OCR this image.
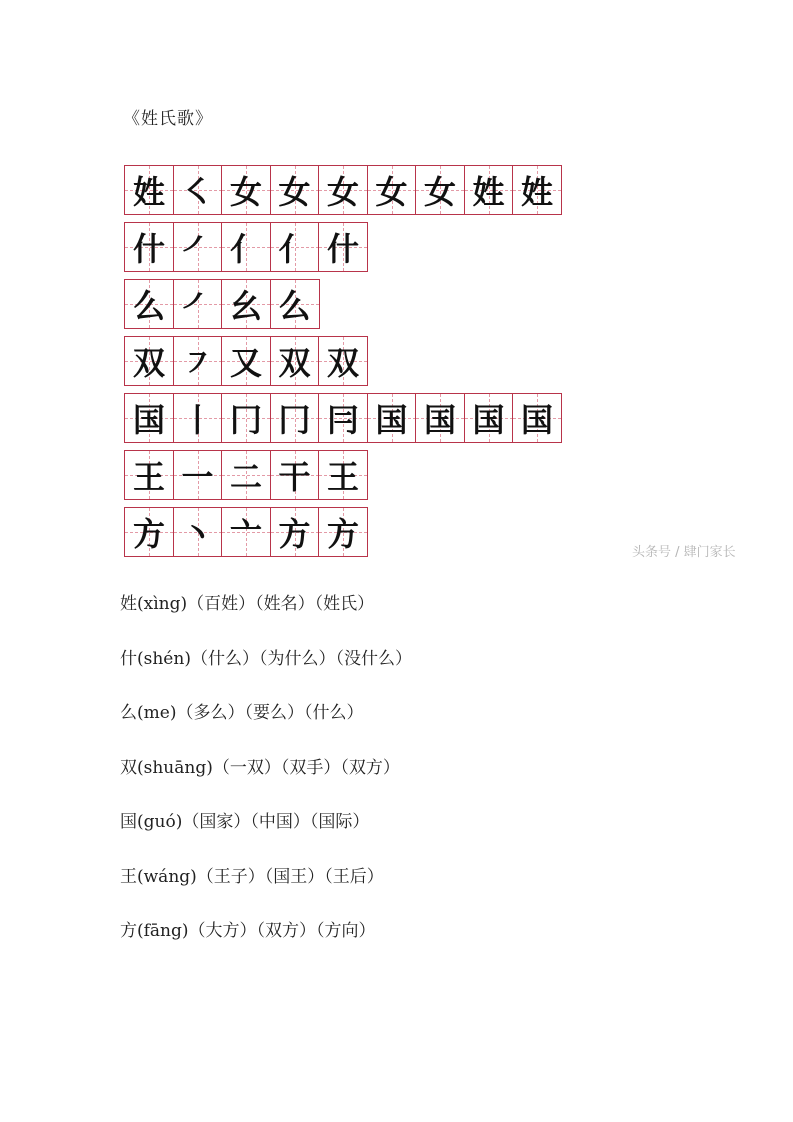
《姓氏歌》
姓 ㇛ ⼥ 女 女 女 女 姓 姓
什 ㇒ 亻 亻 什
么 ㇒ ⺓ 么
双 ㇇ 又 双 双
国 丨 冂 冂 冃 国 国 国 国
王 一 二 干 王
方 丶 亠 方 方	头条号 / 肆门家长
姓(xìng)（百姓）（姓名）（姓氏）
什(shén)（什么）（为什么）（没什么）
么(me)（多么）（要么）（什么）
双(shuāng)（一双）（双手）（双方）
国(guó)（国家）（中国）（国际）
王(wáng)（王子）（国王）（王后）
方(fāng)（大方）（双方）（方向）
